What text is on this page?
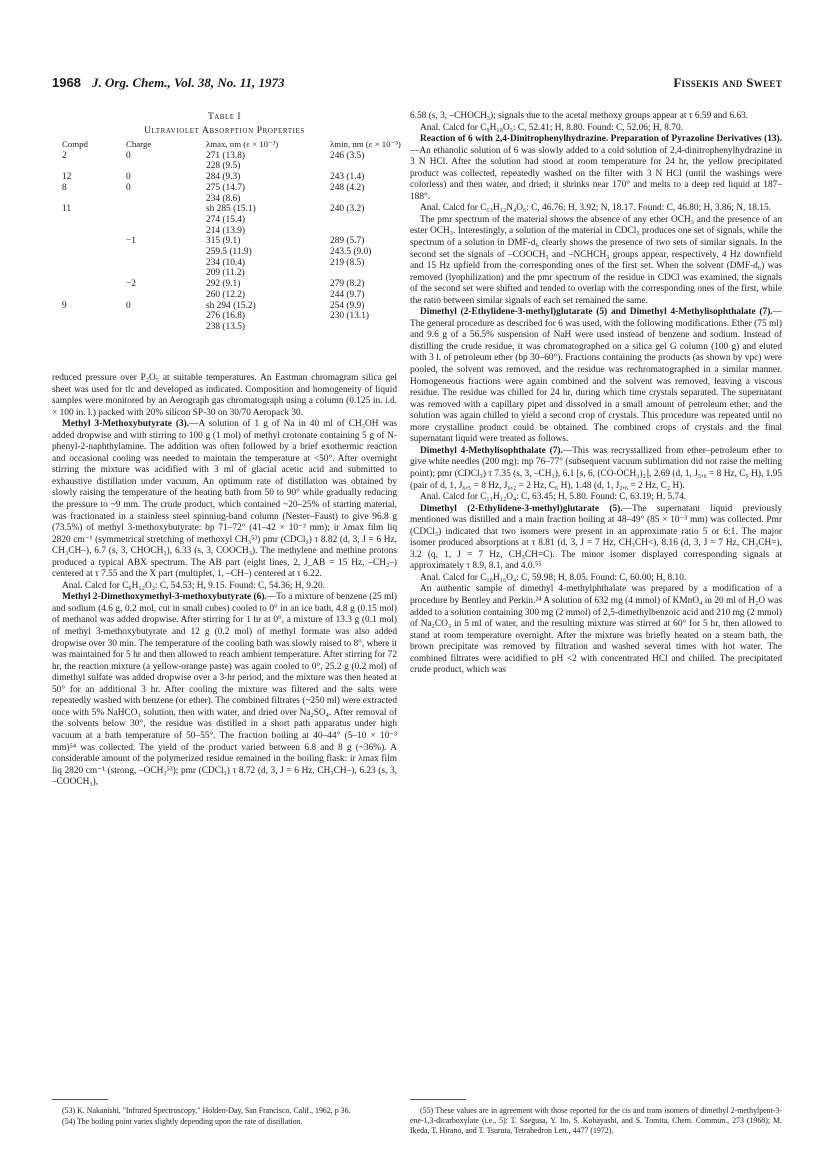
1968 J. Org. Chem., Vol. 38, No. 11, 1973	Fissekis and Sweet
Table I
Ultraviolet Absorption Properties
Compd	Charge	λmax, nm (ε × 10⁻³)	λmin, nm (ε × 10⁻³)
2	0	271 (13.8)	246 (3.5)
		228 (9.5)	
12	0	284 (9.3)	243 (1.4)
8	0	275 (14.7)	248 (4.2)
		234 (8.6)	
11		sh 285 (15.1)	240 (3.2)
		274 (15.4)	
		214 (13.9)	
	−1	315 (9.1)	289 (5.7)
		259.5 (11.9)	243.5 (9.0)
		234 (10.4)	219 (8.5)
		209 (11.2)	
	−2	292 (9.1)	279 (8.2)
		260 (12.2)	244 (9.7)
9	0	sh 294 (15.2)	254 (9.9)
		276 (16.8)	230 (13.1)
		238 (13.5)	

reduced pressure over P₂O₅ at suitable temperatures. An Eastman chromagram silica gel sheet was used for tlc and developed as indicated. Composition and homogeneity of liquid samples were monitored by an Aerograph gas chromatograph using a column (0.125 in. i.d. × 100 in. l.) packed with 20% silicon SP-30 on 30/70 Aeropack 30.

Methyl 3-Methoxybutyrate (3).—A solution of 1 g of Na in 40 ml of CH₃OH was added dropwise and with stirring to 100 g (1 mol) of methyl crotonate containing 5 g of N-phenyl-2-naphthylamine. The addition was often followed by a brief exothermic reaction and occasional cooling was needed to maintain the temperature at <50°. After overnight stirring the mixture was acidified with 3 ml of glacial acetic acid and submitted to exhaustive distillation under vacuum. An optimum rate of distillation was obtained by slowly raising the temperature of the heating bath from 50 to 90° while gradually reducing the pressure to ~9 mm. The crude product, which contained ~20–25% of starting material, was fractionated in a stainless steel spinning-band column (Nester–Faust) to give 96.8 g (73.5%) of methyl 3-methoxybutyrate: bp 71–72° (41–42 × 10⁻³ mm); ir λmax film liq 2820 cm⁻¹ (symmetrical stretching of methoxyl CH₃⁵³) pmr (CDCl₃) τ 8.82 (d, 3, J = 6 Hz, CH₃CH–), 6.7 (s, 3, CHOCH₃), 6.33 (s, 3, COOCH₃). The methylene and methine protons produced a typical ABX spectrum. The AB part (eight lines, 2, J_AB = 15 Hz, –CH₂–) centered at τ 7.55 and the X part (multiplet, 1, –CH–) centered at τ 6.22.

Anal. Calcd for C₆H₁₂O₃: C, 54.53; H, 9.15. Found: C, 54.36; H, 9.20.

Methyl 2-Dimethoxymethyl-3-methoxybutyrate (6).—To a mixture of benzene (25 ml) and sodium (4.6 g, 0.2 mol, cut in small cubes) cooled to 0° in an ice bath, 4.8 g (0.15 mol) of methanol was added dropwise. After stirring for 1 hr at 0°, a mixture of 13.3 g (0.1 mol) of methyl 3-methoxybutyrate and 12 g (0.2 mol) of methyl formate was also added dropwise over 30 min. The temperature of the cooling bath was slowly raised to 8°, where it was maintained for 5 hr and then allowed to reach ambient temperature. After stirring for 72 hr, the reaction mixture (a yellow-orange paste) was again cooled to 0°, 25.2 g (0.2 mol) of dimethyl sulfate was added dropwise over a 3-hr period, and the mixture was then heated at 50° for an additional 3 hr. After cooling the mixture was filtered and the salts were repeatedly washed with benzene (or ether). The combined filtrates (~250 ml) were extracted once with 5% NaHCO₃ solution, then with water, and dried over Na₂SO₄. After removal of the solvents below 30°, the residue was distilled in a short path apparatus under high vacuum at a bath temperature of 50–55°. The fraction boiling at 40–44° (5–10 × 10⁻³ mm)⁵⁴ was collected. The yield of the product varied between 6.8 and 8 g (~36%). A considerable amount of the polymerized residue remained in the boiling flask: ir λmax film liq 2820 cm⁻¹ (strong, –OCH₃⁵³); pmr (CDCl₃) τ 8.72 (d, 3, J = 6 Hz, CH₃CH–), 6.23 (s, 3, –COOCH₃),

6.58 (s, 3, –CHOCH₃); signals due to the acetal methoxy groups appear at τ 6.59 and 6.63.

Anal. Calcd for C₉H₁₈O₅: C, 52.41; H, 8.80. Found: C, 52.06; H, 8.70.

Reaction of 6 with 2,4-Dinitrophenylhydrazine. Preparation of Pyrazoline Derivatives (13).—An ethanolic solution of 6 was slowly added to a cold solution of 2,4-dinitrophenylhydrazine in 3 N HCl. After the solution had stood at room temperature for 24 hr, the yellow precipitated product was collected, repeatedly washed on the filter with 3 N HCl (until the washings were colorless) and then water, and dried; it shrinks near 170° and melts to a deep red liquid at 187–188°.

Anal. Calcd for C₁₃H₁₂N₄O₆: C, 46.76; H, 3.92; N, 18.17. Found: C, 46.80; H, 3.86; N, 18.15.

The pmr spectrum of the material shows the absence of any ether OCH₃ and the presence of an ester OCH₃. Interestingly, a solution of the material in CDCl₃ produces one set of signals, while the spectrum of a solution in DMF-d₆ clearly shows the presence of two sets of similar signals. In the second set the signals of –COOCH₃ and –NCHCH₃ groups appear, respectively, 4 Hz downfield and 15 Hz upfield from the corresponding ones of the first set. When the solvent (DMF-d₆) was removed (lyophilization) and the pmr spectrum of the residue in CDCl was examined, the signals of the second set were shifted and tended to overlap with the corresponding ones of the first, while the ratio between similar signals of each set remained the same.

Dimethyl (2-Ethylidene-3-methyl)glutarate (5) and Dimethyl 4-Methylisophthalate (7).—The general procedure as described for 6 was used, with the following modifications. Ether (75 ml) and 9.6 g of a 56.5% suspension of NaH were used instead of benzene and sodium. Instead of distilling the crude residue, it was chromatographed on a silica gel G column (100 g) and eluted with 3 l. of petroleum ether (bp 30–60°). Fractions containing the products (as shown by vpc) were pooled, the solvent was removed, and the residue was rechromatographed in a similar manner. Homogeneous fractions were again combined and the solvent was removed, leaving a viscous residue. The residue was chilled for 24 hr, during which time crystals separated. The supernatant was removed with a capillary pipet and dissolved in a small amount of petroleum ether, and the solution was again chilled to yield a second crop of crystals. This procedure was repeated until no more crystalline product could be obtained. The combined crops of crystals and the final supernatant liquid were treated as follows.

Dimethyl 4-Methylisophthalate (7).—This was recrystallized from ether–petroleum ether to give white needles (200 mg): mp 76–77° (subsequent vacuum sublimation did not raise the melting point); pmr (CDCl₃) τ 7.35 (s, 3, –CH₃), 6.1 [s, 6, (CO-OCH₃)₂], 2.69 (d, 1, J₅,₆ = 8 Hz, C₅ H), 1.95 (pair of d, 1, J₆,₅ = 8 Hz, J₆,₂ = 2 Hz, C₆ H), 1.48 (d, 1, J₂,₆ = 2 Hz, C₂ H).

Anal. Calcd for C₁₁H₁₂O₄: C, 63.45; H, 5.80. Found: C, 63.19; H, 5.74.

Dimethyl (2-Ethylidene-3-methyl)glutarate (5).—The supernatant liquid previously mentioned was distilled and a main fraction boiling at 48–49° (85 × 10⁻³ mm) was collected. Pmr (CDCl₃) indicated that two isomers were present in an approximate ratio 5 or 6:1. The major isomer produced absorptions at τ 8.81 (d, 3, J = 7 Hz, CH₃CH<), 8.16 (d, 3, J = 7 Hz, CH₃CH=), 3.2 (q, 1, J = 7 Hz, CH₃CH=C). The minor isomer displayed corresponding signals at approximately τ 8.9, 8.1, and 4.0.⁵⁵

Anal. Calcd for C₁₀H₁₆O₄: C, 59.98; H, 8.05. Found: C, 60.00; H, 8.10.

An authentic sample of dimethyl 4-methylphthalate was prepared by a modification of a procedure by Bentley and Perkin.²⁴ A solution of 632 mg (4 mmol) of KMnO₄ in 20 ml of H₂O was added to a solution containing 300 mg (2 mmol) of 2,5-dimethylbenzoic acid and 210 mg (2 mmol) of Na₂CO₃ in 5 ml of water, and the resulting mixture was stirred at 60° for 5 hr, then allowed to stand at room temperature overnight. After the mixture was briefly heated on a steam bath, the brown precipitate was removed by filtration and washed several times with hot water. The combined filtrates were acidified to pH <2 with concentrated HCl and chilled. The precipitated crude product, which was

(53) K. Nakanishi, "Infrared Spectroscopy," Holden-Day, San Francisco, Calif., 1962, p 36.

(54) The boiling point varies slightly depending upon the rate of distillation.

(55) These values are in agreement with those reported for the cis and trans isomers of dimethyl 2-methylpent-3-ene-1,3-dicarboxylate (i.e., 5): T. Saegusa, Y. Ito, S. Kobayashi, and S. Tomita, Chem. Commun., 273 (1968); M. Ikeda, T. Hirano, and T. Tsuruta, Tetrahedron Lett., 4477 (1972).
